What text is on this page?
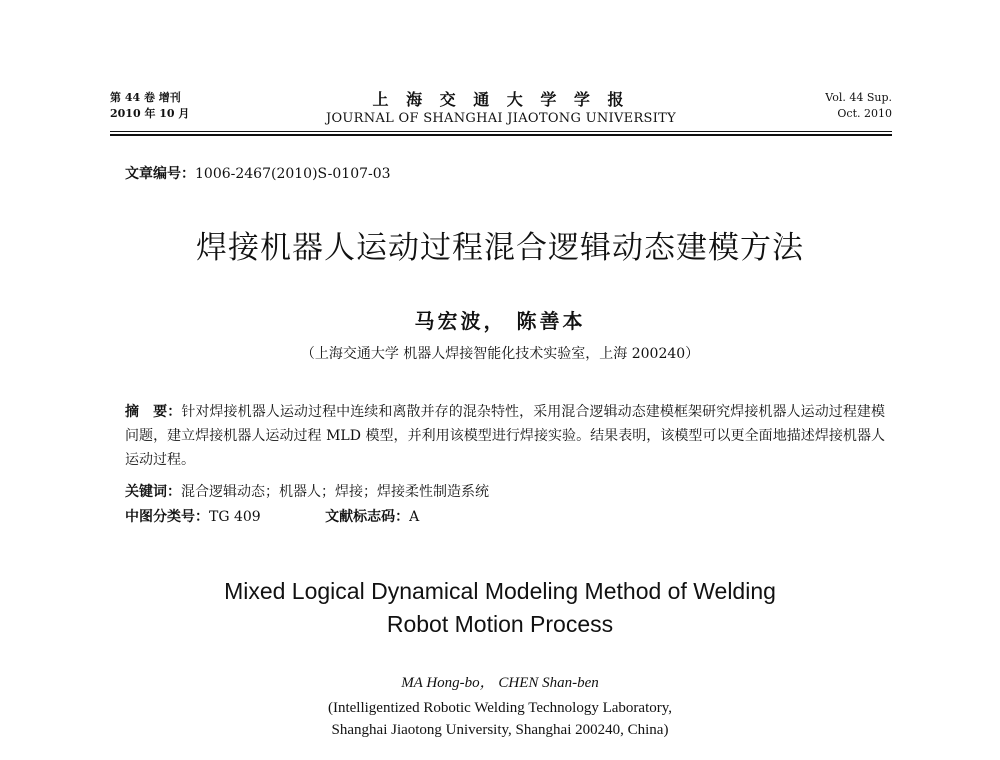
第 44 卷 增刊
2010 年 10 月
上 海 交 通 大 学 学 报
JOURNAL OF SHANGHAI JIAOTONG UNIVERSITY
Vol. 44 Sup.
Oct. 2010
文章编号：1006-2467(2010)S-0107-03
焊接机器人运动过程混合逻辑动态建模方法
马宏波， 陈善本
（上海交通大学 机器人焊接智能化技术实验室，上海 200240）
摘　要：针对焊接机器人运动过程中连续和离散并存的混杂特性，采用混合逻辑动态建模框架研究焊接机器人运动过程建模问题，建立焊接机器人运动过程 MLD 模型，并利用该模型进行焊接实验。结果表明，该模型可以更全面地描述焊接机器人运动过程。
关键词：混合逻辑动态；机器人；焊接；焊接柔性制造系统
中图分类号：TG 409	文献标志码：A
Mixed Logical Dynamical Modeling Method of Welding
Robot Motion Process
MA Hong-bo， CHEN Shan-ben
(Intelligentized Robotic Welding Technology Laboratory,
Shanghai Jiaotong University, Shanghai 200240, China)
